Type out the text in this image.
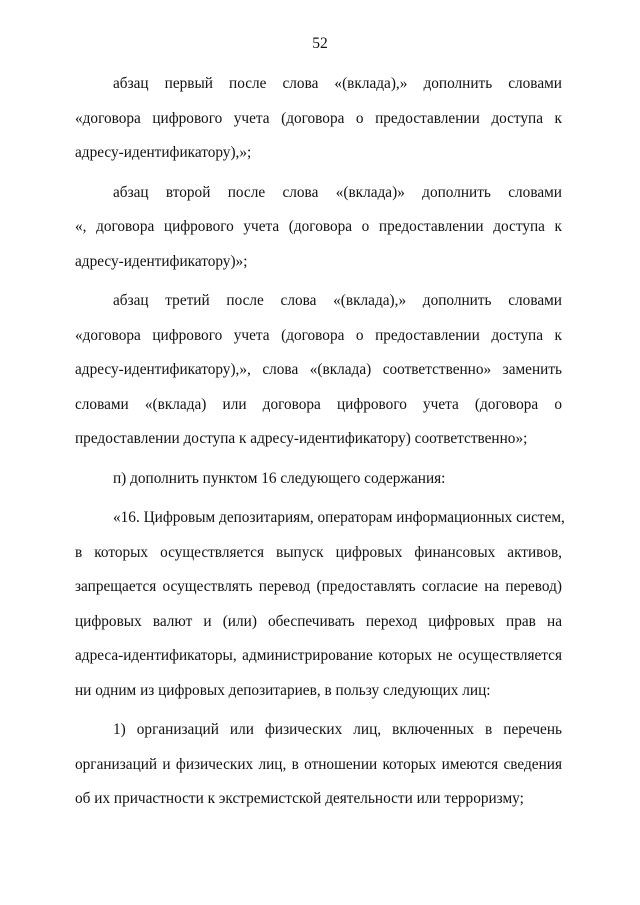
52
абзац первый после слова «(вклада),» дополнить словами
«договора цифрового учета (договора о предоставлении доступа к
адресу-идентификатору),»;
абзац второй после слова «(вклада)» дополнить словами
«, договора цифрового учета (договора о предоставлении доступа к
адресу-идентификатору)»;
абзац третий после слова «(вклада),» дополнить словами
«договора цифрового учета (договора о предоставлении доступа к
адресу-идентификатору),», слова «(вклада) соответственно» заменить
словами «(вклада) или договора цифрового учета (договора о
предоставлении доступа к адресу-идентификатору) соответственно»;
п) дополнить пунктом 16 следующего содержания:
«16. Цифровым депозитариям, операторам информационных систем,
в которых осуществляется выпуск цифровых финансовых активов,
запрещается осуществлять перевод (предоставлять согласие на перевод)
цифровых валют и (или) обеспечивать переход цифровых прав на
адреса-идентификаторы, администрирование которых не осуществляется
ни одним из цифровых депозитариев, в пользу следующих лиц:
1) организаций или физических лиц, включенных в перечень
организаций и физических лиц, в отношении которых имеются сведения
об их причастности к экстремистской деятельности или терроризму;
